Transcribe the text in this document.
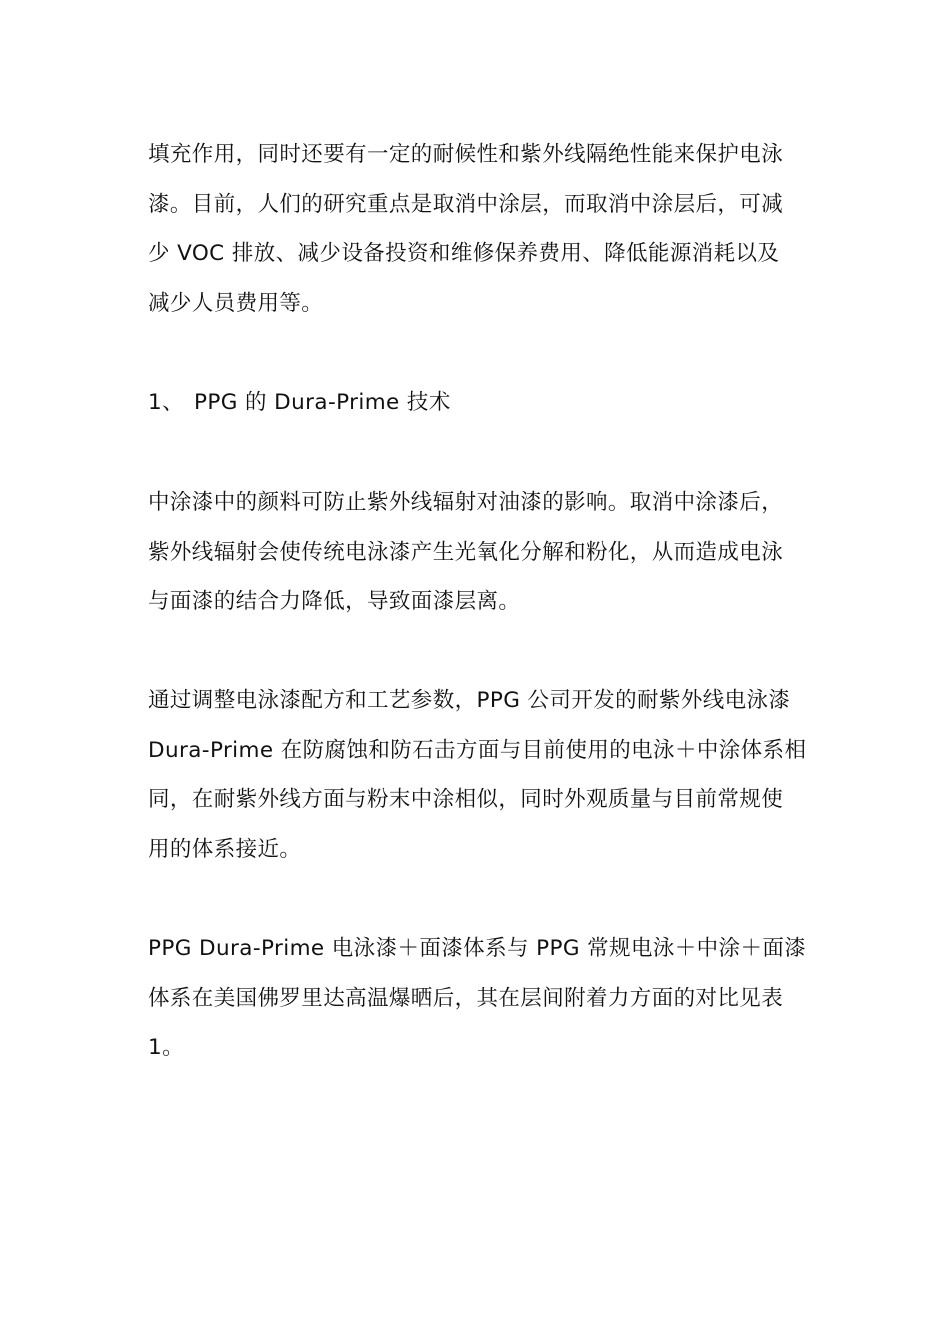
填充作用，同时还要有一定的耐候性和紫外线隔绝性能来保护电泳
漆。目前，人们的研究重点是取消中涂层，而取消中涂层后，可减
少 VOC 排放、减少设备投资和维修保养费用、降低能源消耗以及
减少人员费用等。

1、 PPG 的 Dura-Prime 技术

中涂漆中的颜料可防止紫外线辐射对油漆的影响。取消中涂漆后，
紫外线辐射会使传统电泳漆产生光氧化分解和粉化，从而造成电泳
与面漆的结合力降低，导致面漆层离。

通过调整电泳漆配方和工艺参数，PPG 公司开发的耐紫外线电泳漆
Dura-Prime 在防腐蚀和防石击方面与目前使用的电泳＋中涂体系相
同，在耐紫外线方面与粉末中涂相似，同时外观质量与目前常规使
用的体系接近。

PPG Dura-Prime 电泳漆＋面漆体系与 PPG 常规电泳＋中涂＋面漆
体系在美国佛罗里达高温爆晒后，其在层间附着力方面的对比见表
1。
